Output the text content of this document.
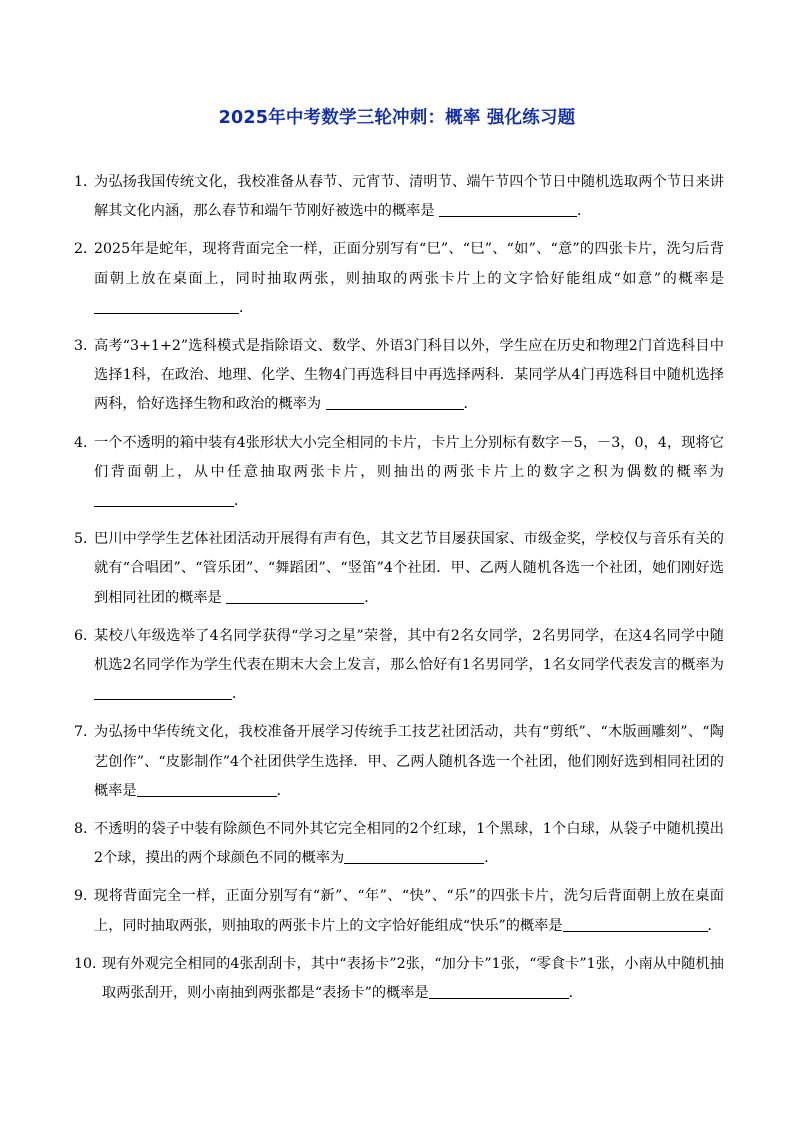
2025年中考数学三轮冲刺：概率 强化练习题
1．
为弘扬我国传统文化，我校准备从春节、元宵节、清明节、端午节四个节日中随机选取两个节日来讲解其文化内涵，那么春节和端午节刚好被选中的概率是	．
2．
2025年是蛇年，现将背面完全一样，正面分别写有“巳”、“巳”、“如”、“意”的四张卡片，洗匀后背面朝上放在桌面上，同时抽取两张，则抽取的两张卡片上的文字恰好能组成“如意”的概率是．
3．
高考“3+1+2”选科模式是指除语文、数学、外语3门科目以外，学生应在历史和物理2门首选科目中选择1科，在政治、地理、化学、生物4门再选科目中再选择两科．某同学从4门再选科目中随机选择两科，恰好选择生物和政治的概率为	．
4．
一个不透明的箱中装有4张形状大小完全相同的卡片，卡片上分别标有数字－5，－3，0，4，现将它们背面朝上，从中任意抽取两张卡片，则抽出的两张卡片上的数字之积为偶数的概率为．
5．
巴川中学学生艺体社团活动开展得有声有色，其文艺节目屡获国家、市级金奖，学校仅与音乐有关的就有“合唱团”、“管乐团”、“舞蹈团”、“竖笛”4个社团．甲、乙两人随机各选一个社团，她们刚好选到相同社团的概率是	．
6．
某校八年级选举了4名同学获得“学习之星”荣誉，其中有2名女同学，2名男同学，在这4名同学中随机选2名同学作为学生代表在期末大会上发言，那么恰好有1名男同学，1名女同学代表发言的概率为 ．
7．
为弘扬中华传统文化，我校准备开展学习传统手工技艺社团活动，共有“剪纸”、“木版画雕刻”、“陶艺创作”、“皮影制作”4个社团供学生选择．甲、乙两人随机各选一个社团，他们刚好选到相同社团的概率是	．
8．
不透明的袋子中装有除颜色不同外其它完全相同的2个红球，1个黑球，1个白球，从袋子中随机摸出2个球，摸出的两个球颜色不同的概率为	．
9．
现将背面完全一样，正面分别写有“新”、“年”、“快”、“乐”的四张卡片，洗匀后背面朝上放在桌面上，同时抽取两张，则抽取的两张卡片上的文字恰好能组成“快乐”的概率是	．
10．
现有外观完全相同的4张刮刮卡，其中“表扬卡”2张，“加分卡”1张，“零食卡”1张，小南从中随机抽取两张刮开，则小南抽到两张都是“表扬卡”的概率是	．
